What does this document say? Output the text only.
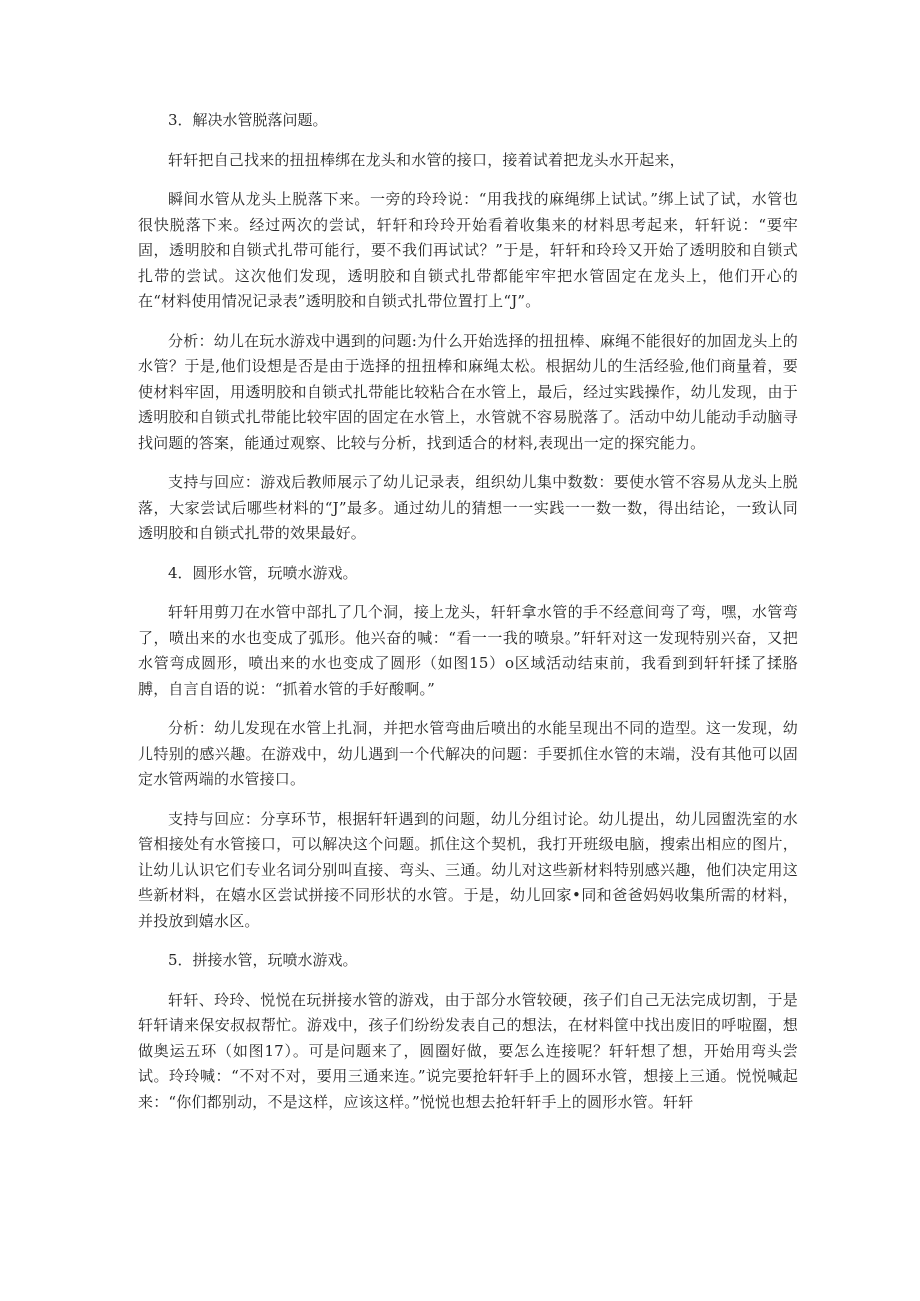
3．解决水管脱落问题。

轩轩把自己找来的扭扭棒绑在龙头和水管的接口，接着试着把龙头水开起来，

瞬间水管从龙头上脱落下来。一旁的玲玲说：“用我找的麻绳绑上试试。”绑上试了试，水管也很快脱落下来。经过两次的尝试，轩轩和玲玲开始看着收集来的材料思考起来，轩轩说：“要牢固，透明胶和自锁式扎带可能行，要不我们再试试？”于是，轩轩和玲玲又开始了透明胶和自锁式扎带的尝试。这次他们发现，透明胶和自锁式扎带都能牢牢把水管固定在龙头上，他们开心的在“材料使用情况记录表”透明胶和自锁式扎带位置打上“J”。

分析：幼儿在玩水游戏中遇到的问题:为什么开始选择的扭扭棒、麻绳不能很好的加固龙头上的水管？于是,他们设想是否是由于选择的扭扭棒和麻绳太松。根据幼儿的生活经验,他们商量着，要使材料牢固，用透明胶和自锁式扎带能比较粘合在水管上，最后，经过实践操作，幼儿发现，由于透明胶和自锁式扎带能比较牢固的固定在水管上，水管就不容易脱落了。活动中幼儿能动手动脑寻找问题的答案，能通过观察、比较与分析，找到适合的材料,表现出一定的探究能力。

支持与回应：游戏后教师展示了幼儿记录表，组织幼儿集中数数：要使水管不容易从龙头上脱落，大家尝试后哪些材料的“J”最多。通过幼儿的猜想一一实践一一数一数，得出结论，一致认同透明胶和自锁式扎带的效果最好。

4．圆形水管，玩喷水游戏。

轩轩用剪刀在水管中部扎了几个洞，接上龙头，轩轩拿水管的手不经意间弯了弯，嘿，水管弯了，喷出来的水也变成了弧形。他兴奋的喊：“看一一我的喷泉。”轩轩对这一发现特别兴奋，又把水管弯成圆形，喷出来的水也变成了圆形（如图15）o区域活动结束前，我看到到轩轩揉了揉胳膊，自言自语的说：“抓着水管的手好酸啊。”

分析：幼儿发现在水管上扎洞，并把水管弯曲后喷出的水能呈现出不同的造型。这一发现，幼儿特别的感兴趣。在游戏中，幼儿遇到一个代解决的问题：手要抓住水管的末端，没有其他可以固定水管两端的水管接口。

支持与回应：分享环节，根据轩轩遇到的问题，幼儿分组讨论。幼儿提出，幼儿园盥洗室的水管相接处有水管接口，可以解决这个问题。抓住这个契机，我打开班级电脑，搜索出相应的图片，让幼儿认识它们专业名词分别叫直接、弯头、三通。幼儿对这些新材料特别感兴趣，他们决定用这些新材料，在嬉水区尝试拼接不同形状的水管。于是，幼儿回家•同和爸爸妈妈收集所需的材料，并投放到嬉水区。

5．拼接水管，玩喷水游戏。

轩轩、玲玲、悦悦在玩拼接水管的游戏，由于部分水管较硬，孩子们自己无法完成切割，于是轩轩请来保安叔叔帮忙。游戏中，孩子们纷纷发表自己的想法，在材料筐中找出废旧的呼啦圈，想做奥运五环（如图17）。可是问题来了，圆圈好做，要怎么连接呢？轩轩想了想，开始用弯头尝试。玲玲喊：“不对不对，要用三通来连。”说完要抢轩轩手上的圆环水管，想接上三通。悦悦喊起来：“你们都别动，不是这样，应该这样。”悦悦也想去抢轩轩手上的圆形水管。轩轩
